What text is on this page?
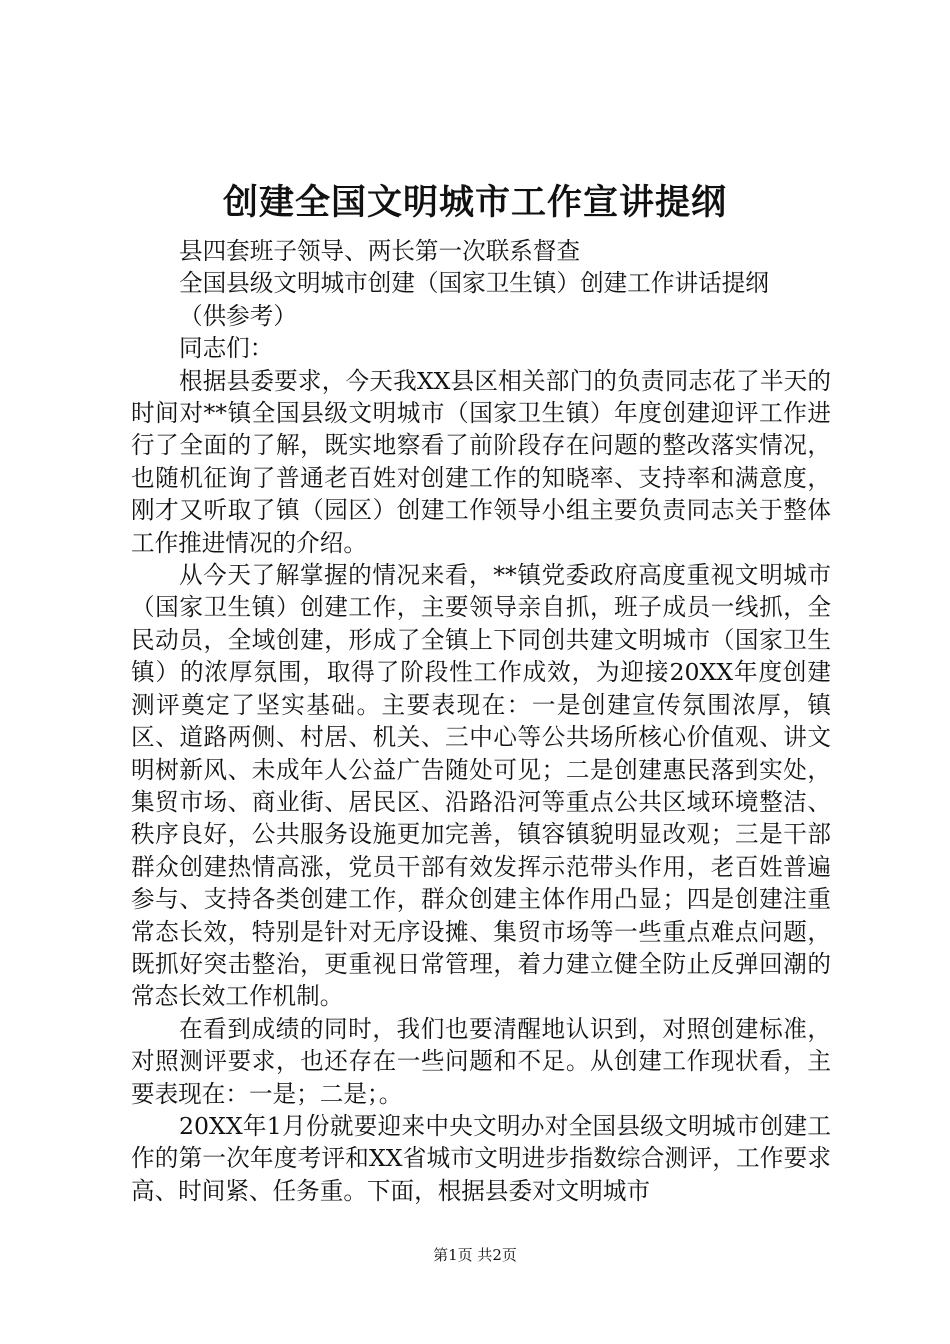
创建全国文明城市工作宣讲提纲
县四套班子领导、两长第一次联系督查
全国县级文明城市创建（国家卫生镇）创建工作讲话提纲
（供参考）
同志们：

根据县委要求，今天我XX县区相关部门的负责同志花了半天的时间对**镇全国县级文明城市（国家卫生镇）年度创建迎评工作进行了全面的了解，既实地察看了前阶段存在问题的整改落实情况，也随机征询了普通老百姓对创建工作的知晓率、支持率和满意度，刚才又听取了镇（园区）创建工作领导小组主要负责同志关于整体工作推进情况的介绍。

从今天了解掌握的情况来看，**镇党委政府高度重视文明城市（国家卫生镇）创建工作，主要领导亲自抓，班子成员一线抓，全民动员，全域创建，形成了全镇上下同创共建文明城市（国家卫生镇）的浓厚氛围，取得了阶段性工作成效，为迎接20XX年度创建测评奠定了坚实基础。主要表现在：一是创建宣传氛围浓厚，镇区、道路两侧、村居、机关、三中心等公共场所核心价值观、讲文明树新风、未成年人公益广告随处可见；二是创建惠民落到实处，集贸市场、商业街、居民区、沿路沿河等重点公共区域环境整洁、秩序良好，公共服务设施更加完善，镇容镇貌明显改观；三是干部群众创建热情高涨，党员干部有效发挥示范带头作用，老百姓普遍参与、支持各类创建工作，群众创建主体作用凸显；四是创建注重常态长效，特别是针对无序设摊、集贸市场等一些重点难点问题，既抓好突击整治，更重视日常管理，着力建立健全防止反弹回潮的常态长效工作机制。

在看到成绩的同时，我们也要清醒地认识到，对照创建标准，对照测评要求，也还存在一些问题和不足。从创建工作现状看，主要表现在：一是；二是；。

20XX年1月份就要迎来中央文明办对全国县级文明城市创建工作的第一次年度考评和XX省城市文明进步指数综合测评，工作要求高、时间紧、任务重。下面，根据县委对文明城市

第1页 共2页
